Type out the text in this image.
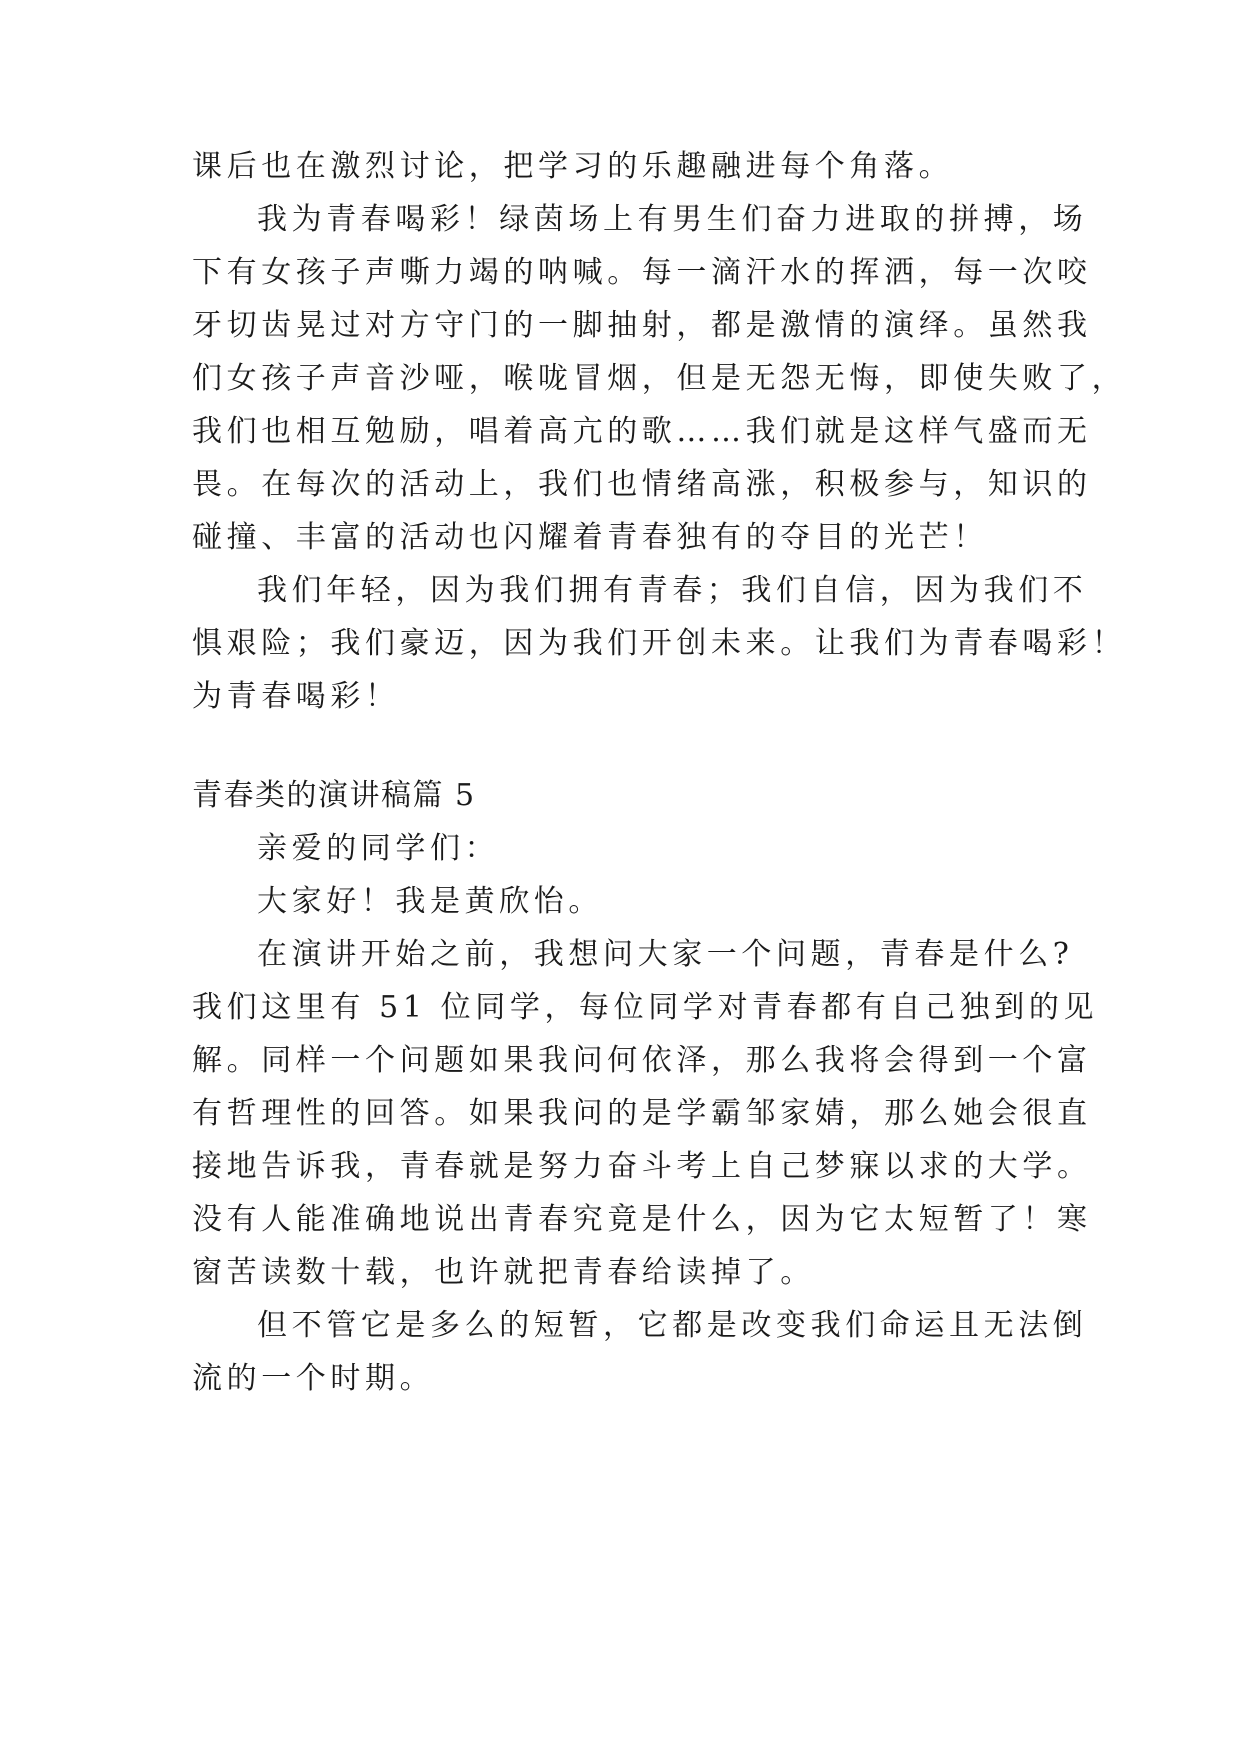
课后也在激烈讨论，把学习的乐趣融进每个角落。
我为青春喝彩！绿茵场上有男生们奋力进取的拼搏，场
下有女孩子声嘶力竭的呐喊。每一滴汗水的挥洒，每一次咬
牙切齿晃过对方守门的一脚抽射，都是激情的演绎。虽然我
们女孩子声音沙哑，喉咙冒烟，但是无怨无悔，即使失败了，
我们也相互勉励，唱着高亢的歌……我们就是这样气盛而无
畏。在每次的活动上，我们也情绪高涨，积极参与，知识的
碰撞、丰富的活动也闪耀着青春独有的夺目的光芒！
我们年轻，因为我们拥有青春；我们自信，因为我们不
惧艰险；我们豪迈，因为我们开创未来。让我们为青春喝彩！
为青春喝彩！
青春类的演讲稿篇 5
亲爱的同学们：
大家好！我是黄欣怡。
在演讲开始之前，我想问大家一个问题，青春是什么?
我们这里有 51 位同学，每位同学对青春都有自己独到的见
解。同样一个问题如果我问何依泽，那么我将会得到一个富
有哲理性的回答。如果我问的是学霸邹家婧，那么她会很直
接地告诉我，青春就是努力奋斗考上自己梦寐以求的大学。
没有人能准确地说出青春究竟是什么，因为它太短暂了！寒
窗苦读数十载，也许就把青春给读掉了。
但不管它是多么的短暂，它都是改变我们命运且无法倒
流的一个时期。
